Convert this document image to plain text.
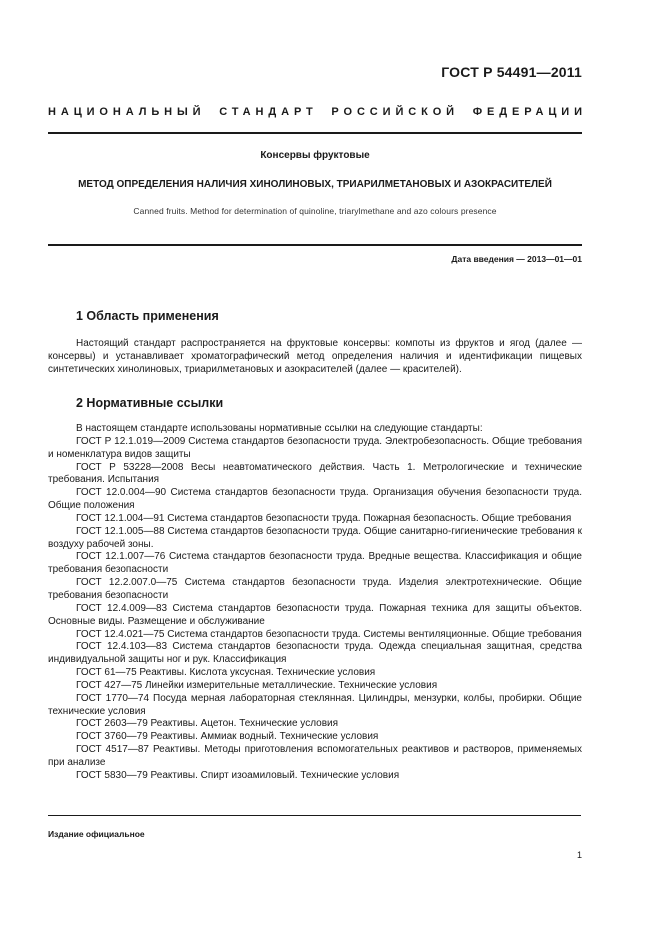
ГОСТ Р 54491—2011
НАЦИОНАЛЬНЫЙ СТАНДАРТ РОССИЙСКОЙ ФЕДЕРАЦИИ
Консервы фруктовые
МЕТОД ОПРЕДЕЛЕНИЯ НАЛИЧИЯ ХИНОЛИНОВЫХ, ТРИАРИЛМЕТАНОВЫХ И АЗОКРАСИТЕЛЕЙ
Canned fruits. Method for determination of quinoline, triarylmethane and azo colours presence
Дата введения — 2013—01—01
1 Область применения

Настоящий стандарт распространяется на фруктовые консервы: компоты из фруктов и ягод (далее — консервы) и устанавливает хроматографический метод определения наличия и идентификации пищевых синтетических хинолиновых, триарилметановых и азокрасителей (далее — красителей).

2 Нормативные ссылки

В настоящем стандарте использованы нормативные ссылки на следующие стандарты:

ГОСТ Р 12.1.019—2009 Система стандартов безопасности труда. Электробезопасность. Общие требования и номенклатура видов защиты

ГОСТ Р 53228—2008 Весы неавтоматического действия. Часть 1. Метрологические и технические требования. Испытания

ГОСТ 12.0.004—90 Система стандартов безопасности труда. Организация обучения безопасности труда. Общие положения

ГОСТ 12.1.004—91 Система стандартов безопасности труда. Пожарная безопасность. Общие требования

ГОСТ 12.1.005—88 Система стандартов безопасности труда. Общие санитарно-гигиенические требования к воздуху рабочей зоны.

ГОСТ 12.1.007—76 Система стандартов безопасности труда. Вредные вещества. Классификация и общие требования безопасности

ГОСТ 12.2.007.0—75 Система стандартов безопасности труда. Изделия электротехнические. Общие требования безопасности

ГОСТ 12.4.009—83 Система стандартов безопасности труда. Пожарная техника для защиты объектов. Основные виды. Размещение и обслуживание

ГОСТ 12.4.021—75 Система стандартов безопасности труда. Системы вентиляционные. Общие требования

ГОСТ 12.4.103—83 Система стандартов безопасности труда. Одежда специальная защитная, средства индивидуальной защиты ног и рук. Классификация

ГОСТ 61—75 Реактивы. Кислота уксусная. Технические условия

ГОСТ 427—75 Линейки измерительные металлические. Технические условия

ГОСТ 1770—74 Посуда мерная лабораторная стеклянная. Цилиндры, мензурки, колбы, пробирки. Общие технические условия

ГОСТ 2603—79 Реактивы. Ацетон. Технические условия

ГОСТ 3760—79 Реактивы. Аммиак водный. Технические условия

ГОСТ 4517—87 Реактивы. Методы приготовления вспомогательных реактивов и растворов, применяемых при анализе

ГОСТ 5830—79 Реактивы. Спирт изоамиловый. Технические условия

Издание официальное
1
